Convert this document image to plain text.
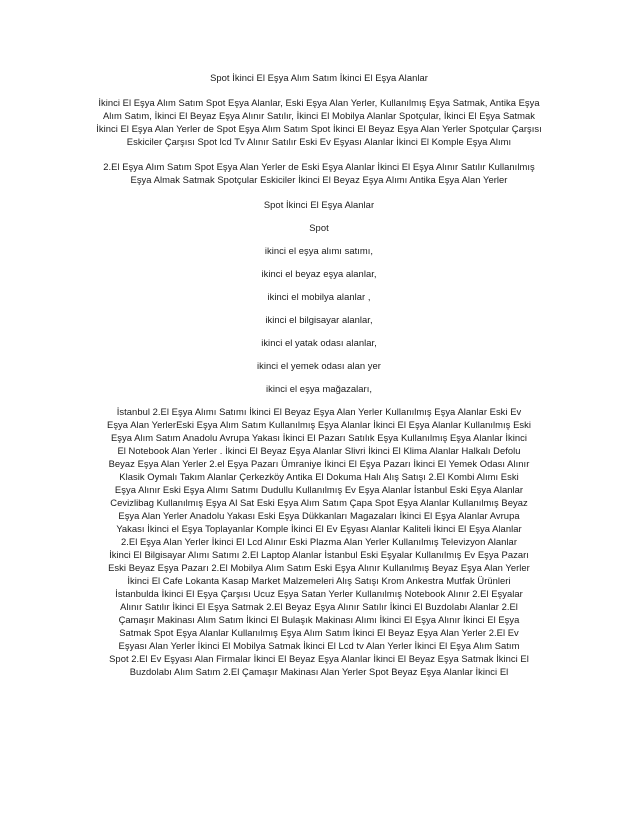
Spot İkinci El Eşya Alım Satım İkinci El Eşya Alanlar
İkinci El Eşya Alım Satım Spot Eşya Alanlar, Eski Eşya Alan Yerler, Kullanılmış Eşya Satmak, Antika Eşya Alım Satım, İkinci El Beyaz Eşya Alınır Satılır, İkinci El Mobilya Alanlar Spotçular, İkinci El Eşya Satmak İkinci El Eşya Alan Yerler de Spot Eşya Alım Satım Spot İkinci El Beyaz Eşya Alan Yerler Spotçular Çarşısı Eskiciler Çarşısı Spot lcd Tv Alınır Satılır Eski Ev Eşyası Alanlar İkinci El Komple Eşya Alımı
2.El Eşya Alım Satım Spot Eşya Alan Yerler de Eski Eşya Alanlar İkinci El Eşya Alınır Satılır Kullanılmış Eşya Almak Satmak Spotçular Eskiciler İkinci El Beyaz Eşya Alımı Antika Eşya Alan Yerler
Spot İkinci El Eşya Alanlar
Spot
ikinci el eşya alımı satımı,
ikinci el beyaz eşya alanlar,
ikinci el mobilya alanlar ,
ikinci el bilgisayar alanlar,
ikinci el yatak odası alanlar,
ikinci el yemek odası alan yer
ikinci el eşya mağazaları,
İstanbul 2.El Eşya Alımı Satımı İkinci El Beyaz Eşya Alan Yerler Kullanılmış Eşya Alanlar Eski Ev
Eşya Alan YerlerEski Eşya Alım Satım Kullanılmış Eşya Alanlar İkinci El Eşya Alanlar Kullanılmış Eski
Eşya Alım Satım Anadolu Avrupa Yakası İkinci El Pazarı Satılık Eşya Kullanılmış Eşya Alanlar İkinci
El Notebook Alan Yerler . İkinci El Beyaz Eşya Alanlar Slivri İkinci El Klima Alanlar Halkalı Defolu
Beyaz Eşya Alan Yerler 2.el Eşya Pazarı Ümraniye İkinci El Eşya Pazarı İkinci El Yemek Odası Alınır
Klasik Oymalı Takım Alanlar Çerkezköy Antika El Dokuma Halı Alış Satışı 2.El Kombi Alımı Eski
Eşya Alınır Eski Eşya Alımı Satımı Dudullu Kullanılmış Ev Eşya Alanlar İstanbul Eski Eşya Alanlar
Cevizlibag Kullanılmış Eşya Al Sat Eski Eşya Alım Satım Çapa Spot Eşya Alanlar Kullanılmış Beyaz
Eşya Alan Yerler Anadolu Yakası Eski Eşya Dükkanları Magazaları İkinci El Eşya Alanlar Avrupa
Yakası İkinci el Eşya Toplayanlar Komple İkinci El Ev Eşyası Alanlar Kaliteli İkinci El Eşya Alanlar
2.El Eşya Alan Yerler İkinci El Lcd Alınır Eski Plazma Alan Yerler Kullanılmış Televizyon Alanlar
İkinci El Bilgisayar Alımı Satımı 2.El Laptop Alanlar İstanbul Eski Eşyalar Kullanılmış Ev Eşya Pazarı
Eski Beyaz Eşya Pazarı 2.El Mobilya Alım Satım Eski Eşya Alınır Kullanılmış Beyaz Eşya Alan Yerler
İkinci El Cafe Lokanta Kasap Market Malzemeleri Alış Satışı Krom Ankestra Mutfak Ürünleri
İstanbulda İkinci El Eşya Çarşısı Ucuz Eşya Satan Yerler Kullanılmış Notebook Alınır 2.El Eşyalar
Alınır Satılır İkinci El Eşya Satmak 2.El Beyaz Eşya Alınır Satılır İkinci El Buzdolabı Alanlar 2.El
Çamaşır Makinası Alım Satım İkinci El Bulaşık Makinası Alımı İkinci El Eşya Alınır İkinci El Eşya
Satmak Spot Eşya Alanlar Kullanılmış Eşya Alım Satım İkinci El Beyaz Eşya Alan Yerler 2.El Ev
Eşyası Alan Yerler İkinci El Mobilya Satmak İkinci El Lcd tv Alan Yerler İkinci El Eşya Alım Satım
Spot 2.El Ev Eşyası Alan Firmalar İkinci El Beyaz Eşya Alanlar İkinci El Beyaz Eşya Satmak İkinci El
Buzdolabı Alım Satım 2.El Çamaşır Makinası Alan Yerler Spot Beyaz Eşya Alanlar İkinci El
